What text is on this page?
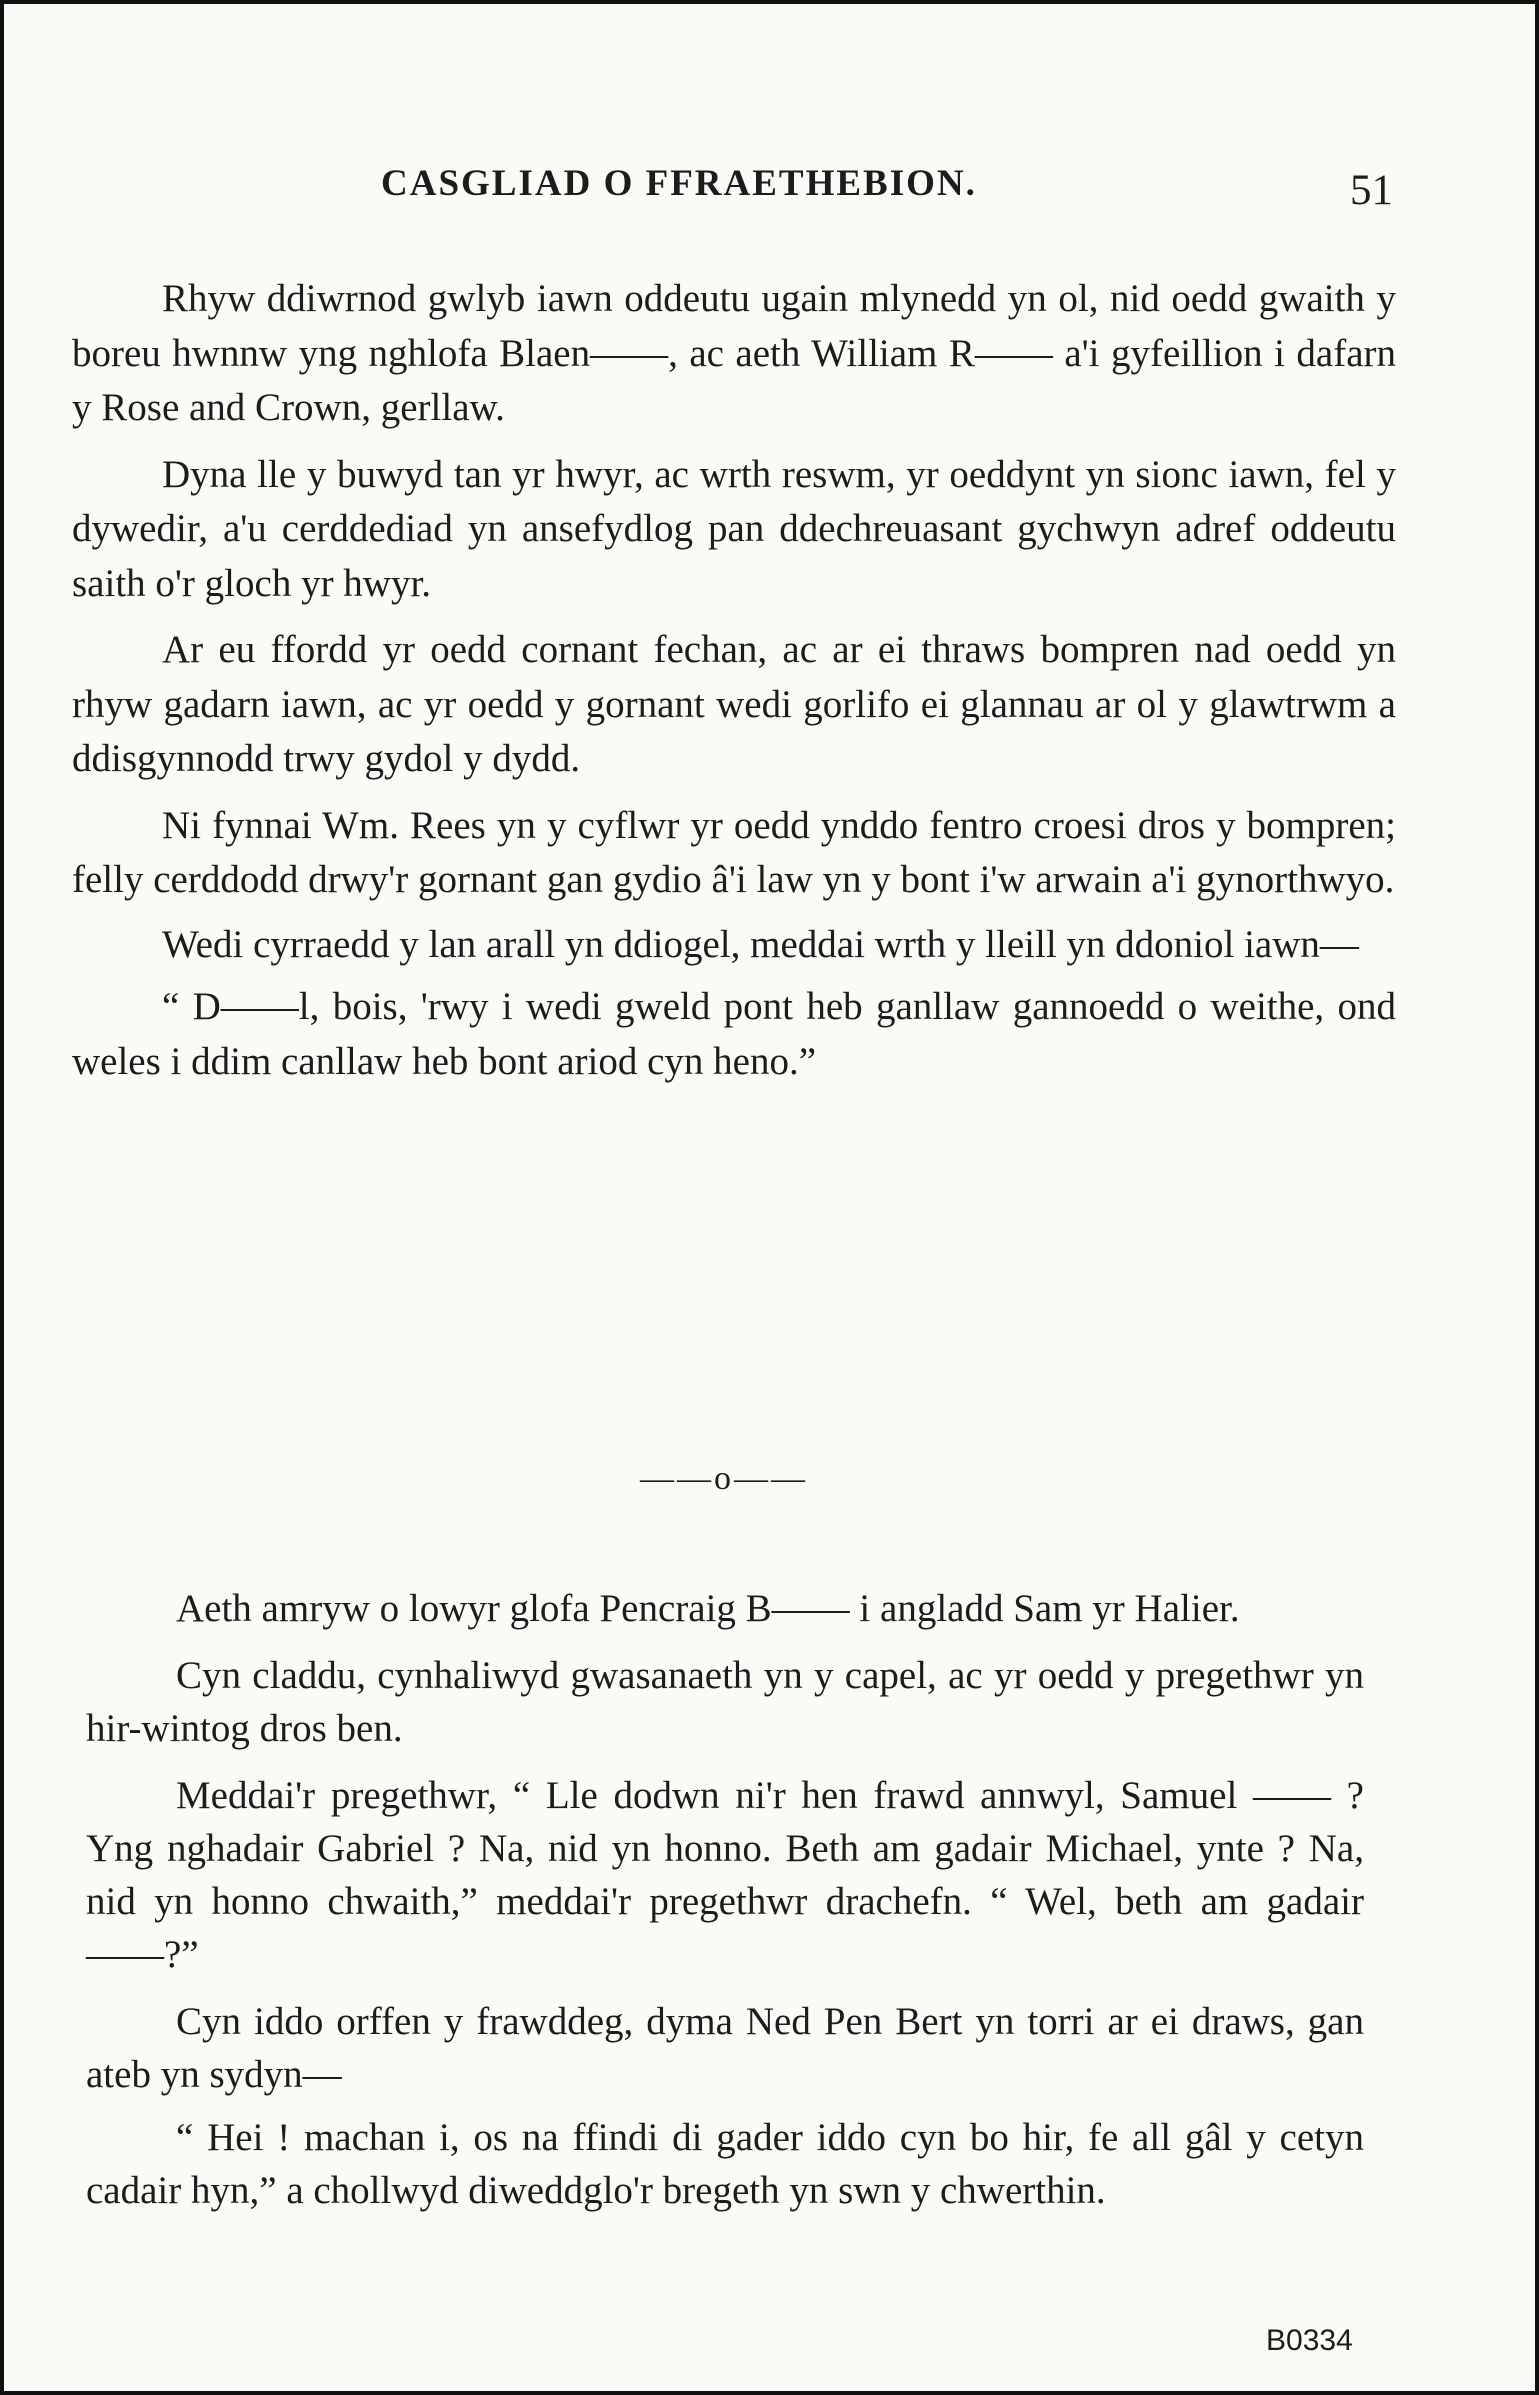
CASGLIAD O FFRAETHEBION.	51

Rhyw ddiwrnod gwlyb iawn oddeutu ugain mlynedd yn ol, nid oedd gwaith y boreu hwnnw yng nghlofa Blaen——, ac aeth William R—— a'i gyfeillion i dafarn y Rose and Crown, gerllaw.

Dyna lle y buwyd tan yr hwyr, ac wrth reswm, yr oeddynt yn sionc iawn, fel y dywedir, a'u cerddediad yn ansefydlog pan ddechreuasant gychwyn adref oddeutu saith o'r gloch yr hwyr.

Ar eu ffordd yr oedd cornant fechan, ac ar ei thraws bompren nad oedd yn rhyw gadarn iawn, ac yr oedd y gornant wedi gorlifo ei glannau ar ol y glawtrwm a ddisgynnodd trwy gydol y dydd.

Ni fynnai Wm. Rees yn y cyflwr yr oedd ynddo fentro croesi dros y bompren; felly cerddodd drwy'r gornant gan gydio â'i law yn y bont i'w arwain a'i gynorthwyo.

Wedi cyrraedd y lan arall yn ddiogel, meddai wrth y lleill yn ddoniol iawn—

“ D——l, bois, 'rwy i wedi gweld pont heb ganllaw gannoedd o weithe, ond weles i ddim canllaw heb bont ariod cyn heno.”

——o——

Aeth amryw o lowyr glofa Pencraig B—— i angladd Sam yr Halier.

Cyn claddu, cynhaliwyd gwasanaeth yn y capel, ac yr oedd y pregethwr yn hir-wintog dros ben.

Meddai'r pregethwr, “ Lle dodwn ni'r hen frawd annwyl, Samuel —— ? Yng nghadair Gabriel ? Na, nid yn honno. Beth am gadair Michael, ynte ? Na, nid yn honno chwaith,” meddai'r pregethwr drachefn. “ Wel, beth am gadair——?”

Cyn iddo orffen y frawddeg, dyma Ned Pen Bert yn torri ar ei draws, gan ateb yn sydyn—

“ Hei ! machan i, os na ffindi di gader iddo cyn bo hir, fe all gâl y cetyn cadair hyn,” a chollwyd diweddglo'r bregeth yn swn y chwerthin.

B0334
